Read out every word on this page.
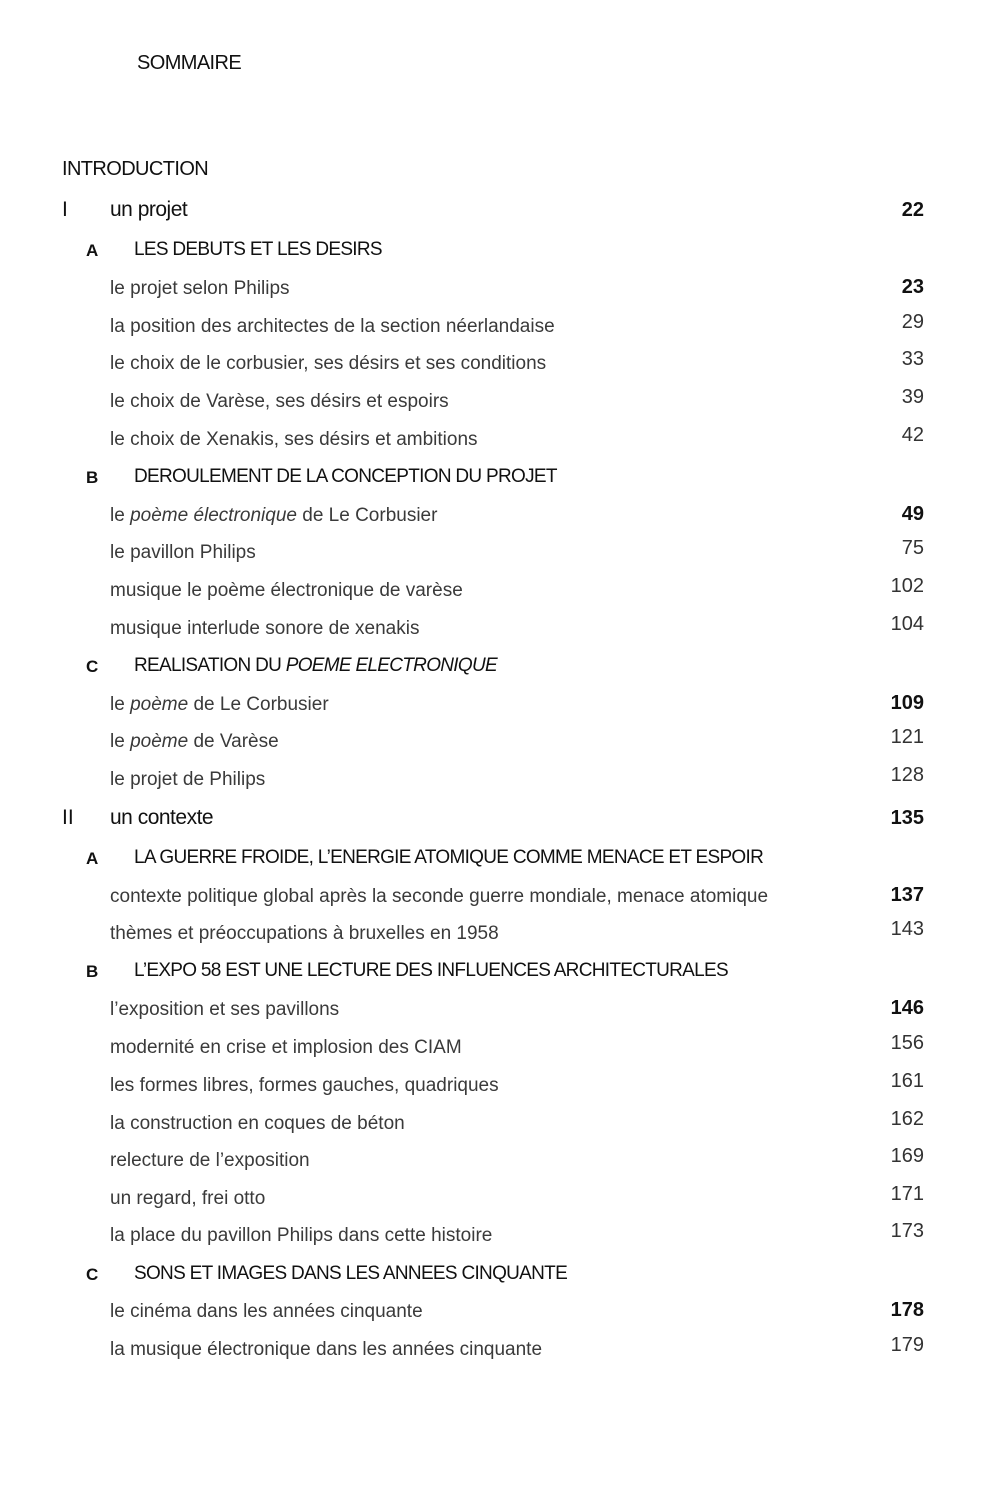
SOMMAIRE
INTRODUCTION
I un projet	22
A LES DEBUTS ET LES DESIRS
le projet selon Philips	23
la position des architectes de la section néerlandaise	29
le choix de le corbusier, ses désirs et ses conditions	33
le choix de Varèse, ses désirs et espoirs	39
le choix de Xenakis, ses désirs et ambitions	42
B DEROULEMENT DE LA CONCEPTION DU PROJET
le poème électronique de Le Corbusier	49
le pavillon Philips	75
musique le poème électronique de varèse	102
musique interlude sonore de xenakis	104
C REALISATION DU POEME ELECTRONIQUE
le poème de Le Corbusier	109
le poème de Varèse	121
le projet de Philips	128
II un contexte	135
A LA GUERRE FROIDE, L’ENERGIE ATOMIQUE COMME MENACE ET ESPOIR
contexte politique global après la seconde guerre mondiale, menace atomique	137
thèmes et préoccupations à bruxelles en 1958	143
B L’EXPO 58 EST UNE LECTURE DES INFLUENCES ARCHITECTURALES
l’exposition et ses pavillons	146
modernité en crise et implosion des CIAM	156
les formes libres, formes gauches, quadriques	161
la construction en coques de béton	162
relecture de l’exposition	169
un regard, frei otto	171
la place du pavillon Philips dans cette histoire	173
C SONS ET IMAGES DANS LES ANNEES CINQUANTE
le cinéma dans les années cinquante	178
la musique électronique dans les années cinquante	179
